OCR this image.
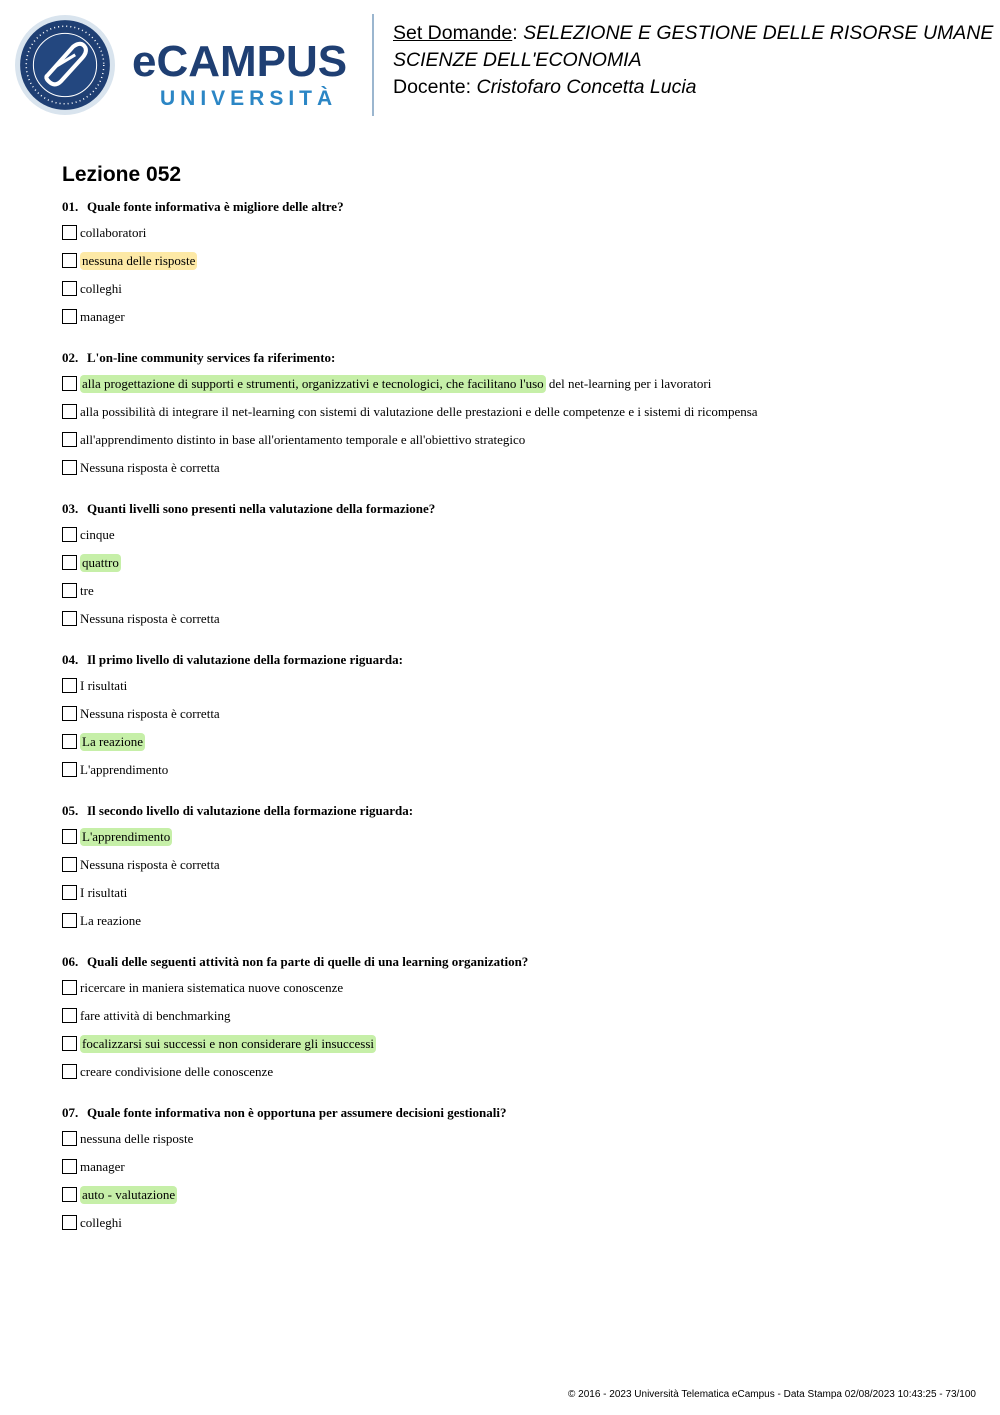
eCAMPUS
UNIVERSITÀ
Set Domande: SELEZIONE E GESTIONE DELLE RISORSE UMANE
SCIENZE DELL'ECONOMIA
Docente: Cristofaro Concetta Lucia
Lezione 052
01. Quale fonte informativa è migliore delle altre?
collaboratori
nessuna delle risposte
colleghi
manager
02. L'on-line community services fa riferimento:
alla progettazione di supporti e strumenti, organizzativi e tecnologici, che facilitano l'uso del net-learning per i lavoratori
alla possibilità di integrare il net-learning con sistemi di valutazione delle prestazioni e delle competenze e i sistemi di ricompensa
all'apprendimento distinto in base all'orientamento temporale e all'obiettivo strategico
Nessuna risposta è corretta
03. Quanti livelli sono presenti nella valutazione della formazione?
cinque
quattro
tre
Nessuna risposta è corretta
04. Il primo livello di valutazione della formazione riguarda:
I risultati
Nessuna risposta è corretta
La reazione
L'apprendimento
05. Il secondo livello di valutazione della formazione riguarda:
L'apprendimento
Nessuna risposta è corretta
I risultati
La reazione
06. Quali delle seguenti attività non fa parte di quelle di una learning organization?
ricercare in maniera sistematica nuove conoscenze
fare attività di benchmarking
focalizzarsi sui successi e non considerare gli insuccessi
creare condivisione delle conoscenze
07. Quale fonte informativa non è opportuna per assumere decisioni gestionali?
nessuna delle risposte
manager
auto - valutazione
colleghi
© 2016 - 2023 Università Telematica eCampus - Data Stampa 02/08/2023 10:43:25 - 73/100
